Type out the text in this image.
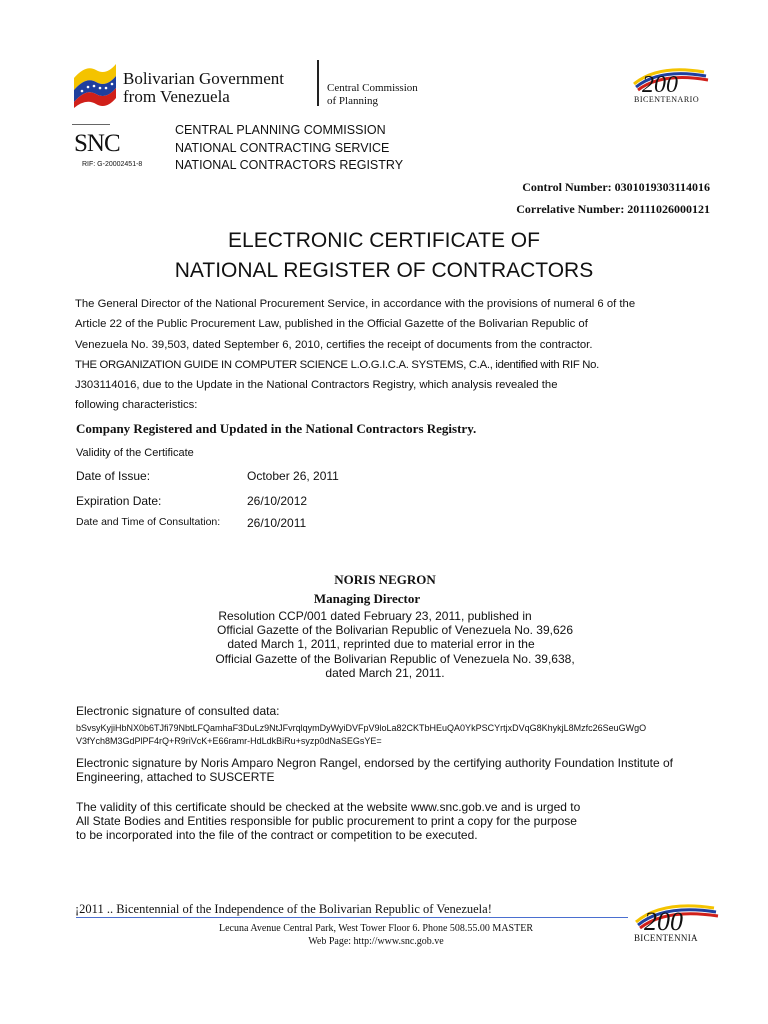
Bolivarian Government
from Venezuela	Central Commission
of Planning
200
BICENTENARIO
SNC
RIF: G-20002451-8
CENTRAL PLANNING COMMISSION
NATIONAL CONTRACTING SERVICE
NATIONAL CONTRACTORS REGISTRY
Control Number: 0301019303114016
Correlative Number: 20111026000121
ELECTRONIC CERTIFICATE OF
NATIONAL REGISTER OF CONTRACTORS
The General Director of the National Procurement Service, in accordance with the provisions of numeral 6 of the
Article 22 of the Public Procurement Law, published in the Official Gazette of the Bolivarian Republic of
Venezuela No. 39,503, dated September 6, 2010, certifies the receipt of documents from the contractor.
THE ORGANIZATION GUIDE IN COMPUTER SCIENCE L.O.G.I.C.A. SYSTEMS, C.A., identified with RIF No.
J303114016, due to the Update in the National Contractors Registry, which analysis revealed the
following characteristics:
Company Registered and Updated in the National Contractors Registry.
Validity of the Certificate
Date of Issue:	October 26, 2011
Expiration Date:	26/10/2012
Date and Time of Consultation: 26/10/2011
NORIS NEGRON
Managing Director
Resolution CCP/001 dated February 23, 2011, published in
Official Gazette of the Bolivarian Republic of Venezuela No. 39,626
dated March 1, 2011, reprinted due to material error in the
Official Gazette of the Bolivarian Republic of Venezuela No. 39,638,
dated March 21, 2011.
Electronic signature of consulted data:
bSvsyKyjiHbNX0b6TJfi79NbtLFQamhaF3DuLz9NtJFvrqlqymDyWyiDVFpV9loLa82CKTbHEuQA0YkPSCYrtjxDVqG8KhykjL8Mzfc26SeuGWgO
V3fYch8M3GdPlPF4rQ+R9riVcK+E66ramr-HdLdkBiRu+syzp0dNaSEGsYE=
Electronic signature by Noris Amparo Negron Rangel, endorsed by the certifying authority Foundation Institute of
Engineering, attached to SUSCERTE
The validity of this certificate should be checked at the website www.snc.gob.ve and is urged to
All State Bodies and Entities responsible for public procurement to print a copy for the purpose
to be incorporated into the file of the contract or competition to be executed.
¡2011 .. Bicentennial of the Independence of the Bolivarian Republic of Venezuela!
Lecuna Avenue Central Park, West Tower Floor 6. Phone 508.55.00 MASTER
Web Page: http://www.snc.gob.ve
200
BICENTENNIA
